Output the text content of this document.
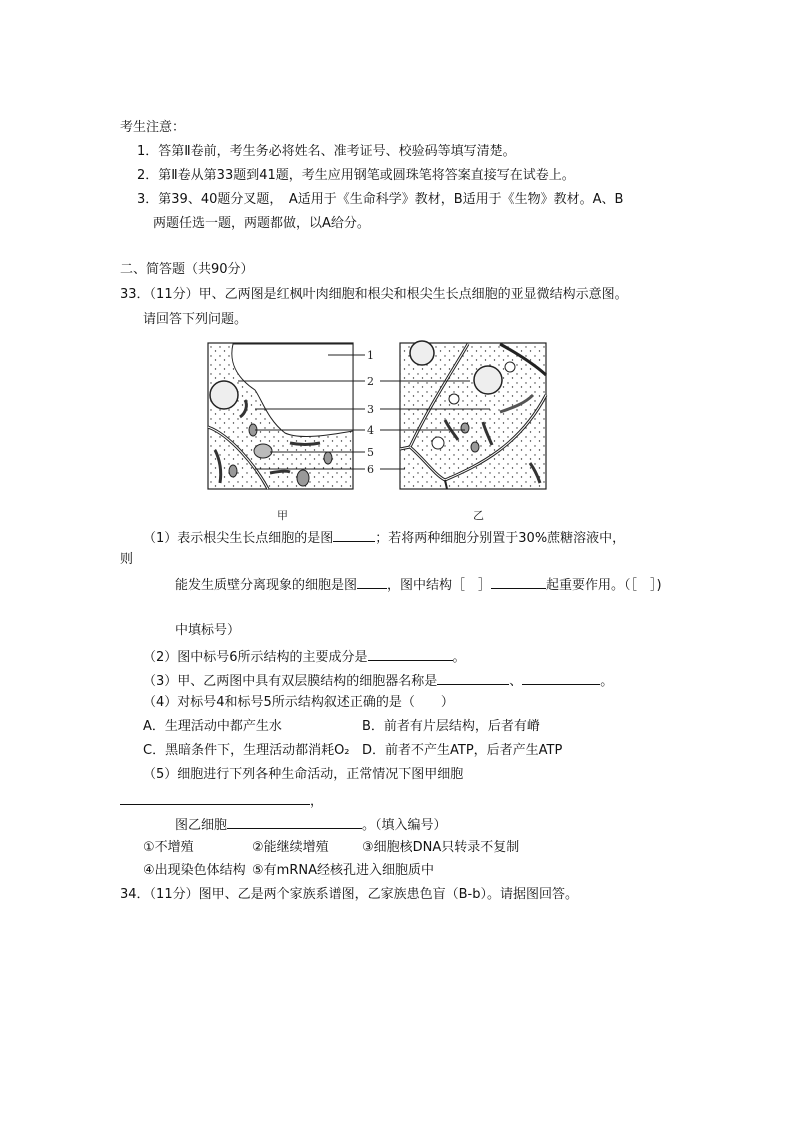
考生注意：
1．答第Ⅱ卷前，考生务必将姓名、准考证号、校验码等填写清楚。
2．第Ⅱ卷从第33题到41题，考生应用钢笔或圆珠笔将答案直接写在试卷上。
3．第39、40题分叉题，　A适用于《生命科学》教材，B适用于《生物》教材。A、B
两题任选一题，两题都做，以A给分。
二、简答题（共90分）
33．（11分）甲、乙两图是红枫叶肉细胞和根尖和根尖生长点细胞的亚显微结构示意图。
请回答下列问题。
1
2
3
4
5
6
甲	乙
（1）表示根尖生长点细胞的是图	；若将两种细胞分别置于30%蔗糖溶液中，
则
能发生质壁分离现象的细胞是图 ，图中结构［　］	起重要作用。（［　］)
中填标号）
（2）图中标号6所示结构的主要成分是	。
（3）甲、乙两图中具有双层膜结构的细胞器名称是	、	。
（4）对标号4和标号5所示结构叙述正确的是（　　）
A．生理活动中都产生水	B．前者有片层结构，后者有嵴
C．黑暗条件下，生理活动都消耗O₂ D．前者不产生ATP，后者产生ATP
（5）细胞进行下列各种生命活动，正常情况下图甲细胞
，
图乙细胞	。（填入编号）
①不增殖	②能继续增殖	③细胞核DNA只转录不复制
④出现染色体结构 ⑤有mRNA经核孔进入细胞质中
34．（11分）图甲、乙是两个家族系谱图，乙家族患色盲（B-b）。请据图回答。
